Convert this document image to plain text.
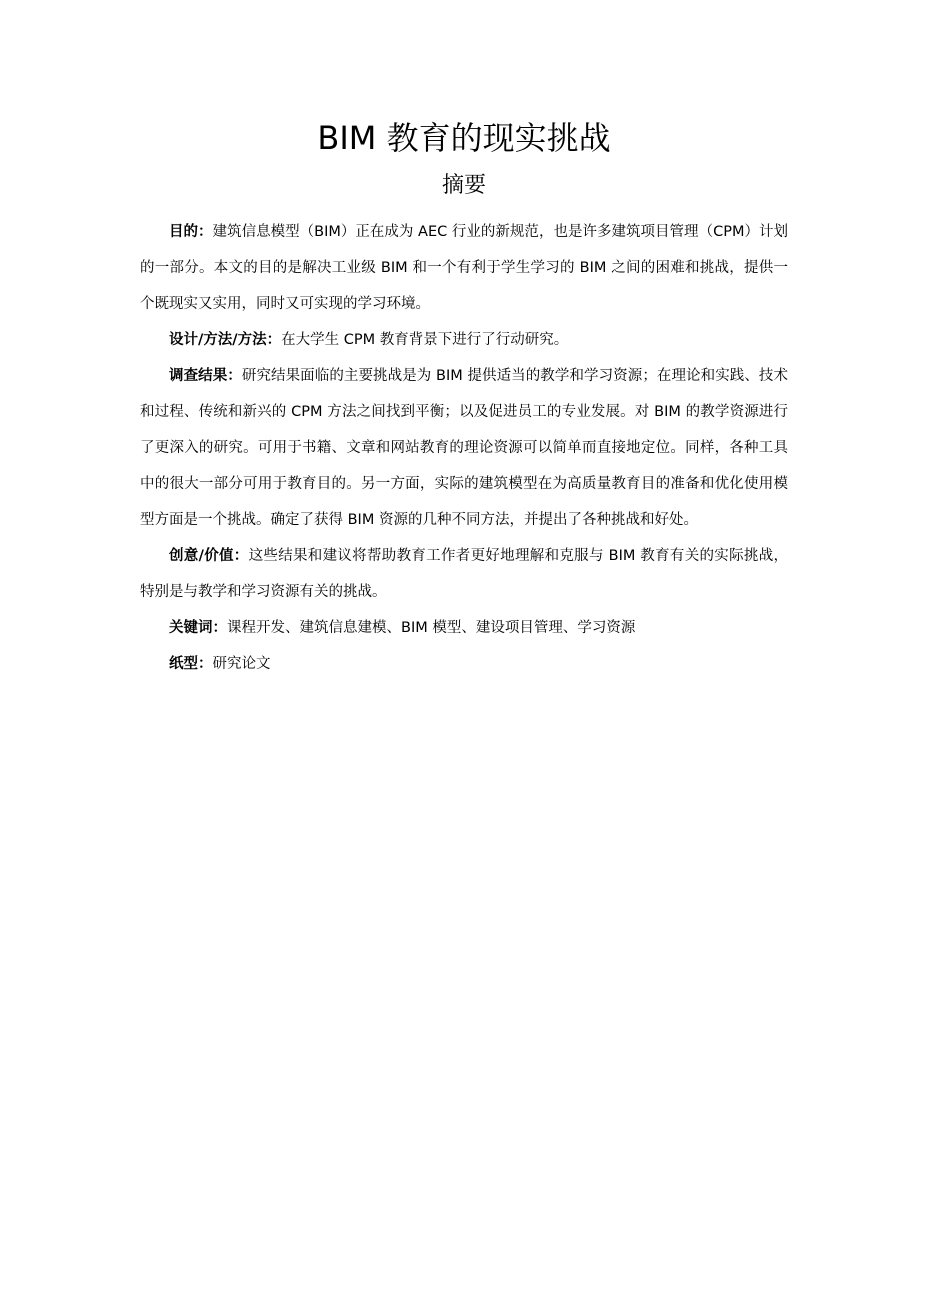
BIM 教育的现实挑战
摘要

目的：建筑信息模型（BIM）正在成为 AEC 行业的新规范，也是许多建筑项目管理（CPM）计划的一部分。本文的目的是解决工业级 BIM 和一个有利于学生学习的 BIM 之间的困难和挑战，提供一个既现实又实用，同时又可实现的学习环境。

设计/方法/方法：在大学生 CPM 教育背景下进行了行动研究。

调查结果：研究结果面临的主要挑战是为 BIM 提供适当的教学和学习资源；在理论和实践、技术和过程、传统和新兴的 CPM 方法之间找到平衡；以及促进员工的专业发展。对 BIM 的教学资源进行了更深入的研究。可用于书籍、文章和网站教育的理论资源可以简单而直接地定位。同样，各种工具中的很大一部分可用于教育目的。另一方面，实际的建筑模型在为高质量教育目的准备和优化使用模型方面是一个挑战。确定了获得 BIM 资源的几种不同方法，并提出了各种挑战和好处。

创意/价值：这些结果和建议将帮助教育工作者更好地理解和克服与 BIM 教育有关的实际挑战，特别是与教学和学习资源有关的挑战。

关键词：课程开发、建筑信息建模、BIM 模型、建设项目管理、学习资源

纸型：研究论文
